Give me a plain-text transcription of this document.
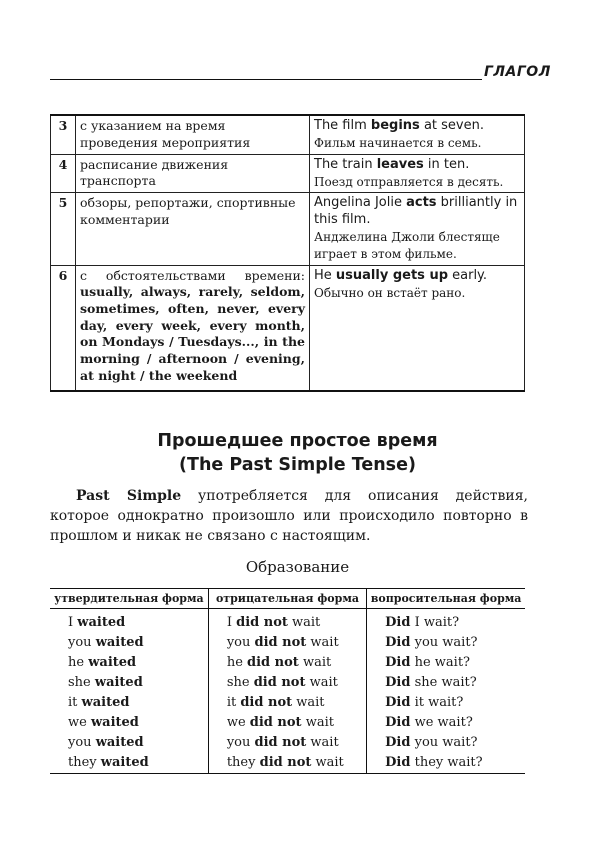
ГЛАГОЛ
3	с указанием на время проведения мероприятия	The film begins at seven.
Фильм начинается в семь.

4	расписание движения транспорта	The train leaves in ten.
Поезд отправляется в десять.

5	обзоры, репортажи, спортивные комментарии	Angelina Jolie acts brilliantly in this film.
Анджелина Джоли блестяще играет в этом фильме.

6	с обстоятельствами времени: usually, always, rarely, seldom, sometimes, often, never, every day, every week, every month, on Mondays / Tuesdays..., in the morning / afternoon / evening, at night / the weekend	He usually gets up early.
Обычно он встаёт рано.
Прошедшее простое время
(The Past Simple Tense)

Past Simple употребляется для описания действия, которое однократно произошло или происходило повторно в прошлом и никак не связано с настоящим.

Образование
утвердительная форма	отрицательная форма	вопросительная форма
I waited	I did not wait	Did I wait?
you waited	you did not wait	Did you wait?
he waited	he did not wait	Did he wait?
she waited	she did not wait	Did she wait?
it waited	it did not wait	Did it wait?
we waited	we did not wait	Did we wait?
you waited	you did not wait	Did you wait?
they waited	they did not wait	Did they wait?
